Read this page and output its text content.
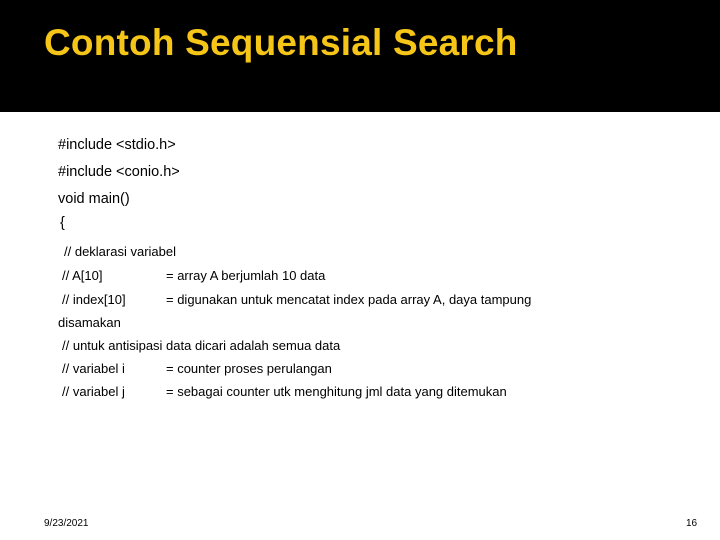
Contoh Sequensial Search
#include <stdio.h>
#include <conio.h>
void main()
{
// deklarasi variabel
// A[10]	= array A berjumlah 10 data
// index[10]	= digunakan untuk mencatat index pada array A, daya tampung
disamakan
// untuk antisipasi data dicari adalah semua data
// variabel i	= counter proses perulangan
// variabel j	= sebagai counter utk menghitung jml data yang ditemukan
9/23/2021	16
